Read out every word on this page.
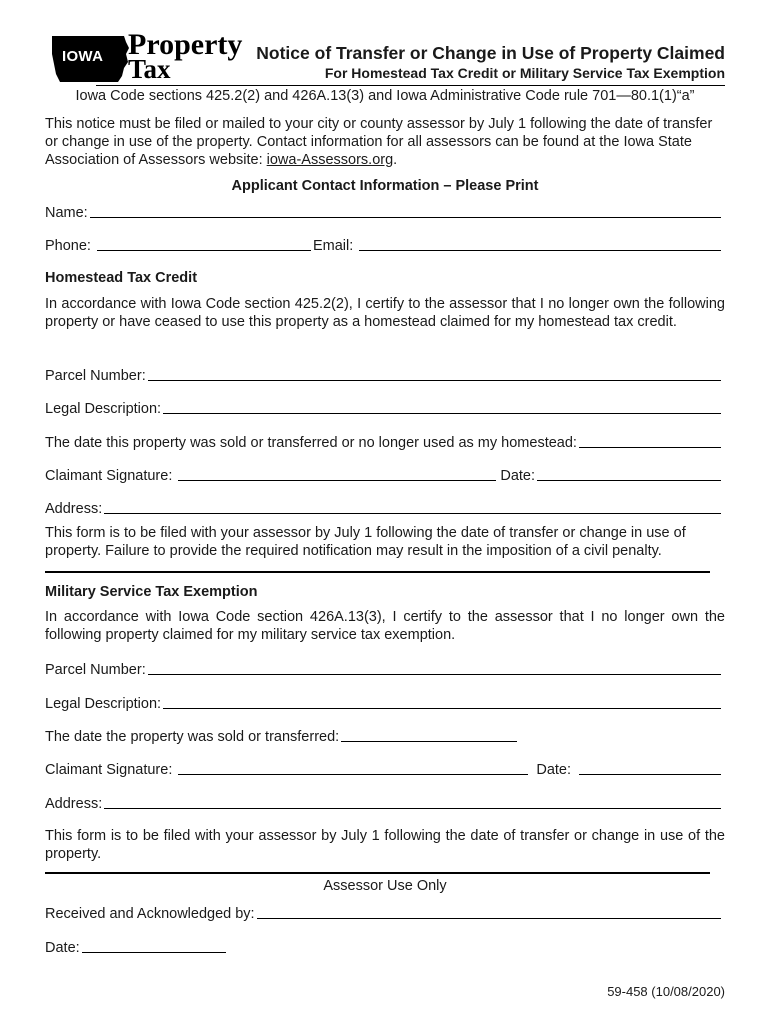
IOWA Property
Tax
Notice of Transfer or Change in Use of Property Claimed
For Homestead Tax Credit or Military Service Tax Exemption
Iowa Code sections 425.2(2) and 426A.13(3) and Iowa Administrative Code rule 701—80.1(1)“a”
This notice must be filed or mailed to your city or county assessor by July 1 following the date of transfer or change in use of the property. Contact information for all assessors can be found at the Iowa State Association of Assessors website: iowa-Assessors.org.
Applicant Contact Information – Please Print
Name:
Phone:	Email:
Homestead Tax Credit
In accordance with Iowa Code section 425.2(2), I certify to the assessor that I no longer own the following property or have ceased to use this property as a homestead claimed for my homestead tax credit.
Parcel Number:
Legal Description:
The date this property was sold or transferred or no longer used as my homestead:
Claimant Signature:	Date:
Address:
This form is to be filed with your assessor by July 1 following the date of transfer or change in use of property. Failure to provide the required notification may result in the imposition of a civil penalty.
Military Service Tax Exemption
In accordance with Iowa Code section 426A.13(3), I certify to the assessor that I no longer own the following property claimed for my military service tax exemption.
Parcel Number:
Legal Description:
The date the property was sold or transferred:
Claimant Signature:	Date:
Address:
This form is to be filed with your assessor by July 1 following the date of transfer or change in use of the property.
Assessor Use Only
Received and Acknowledged by:
Date:
59-458 (10/08/2020)
